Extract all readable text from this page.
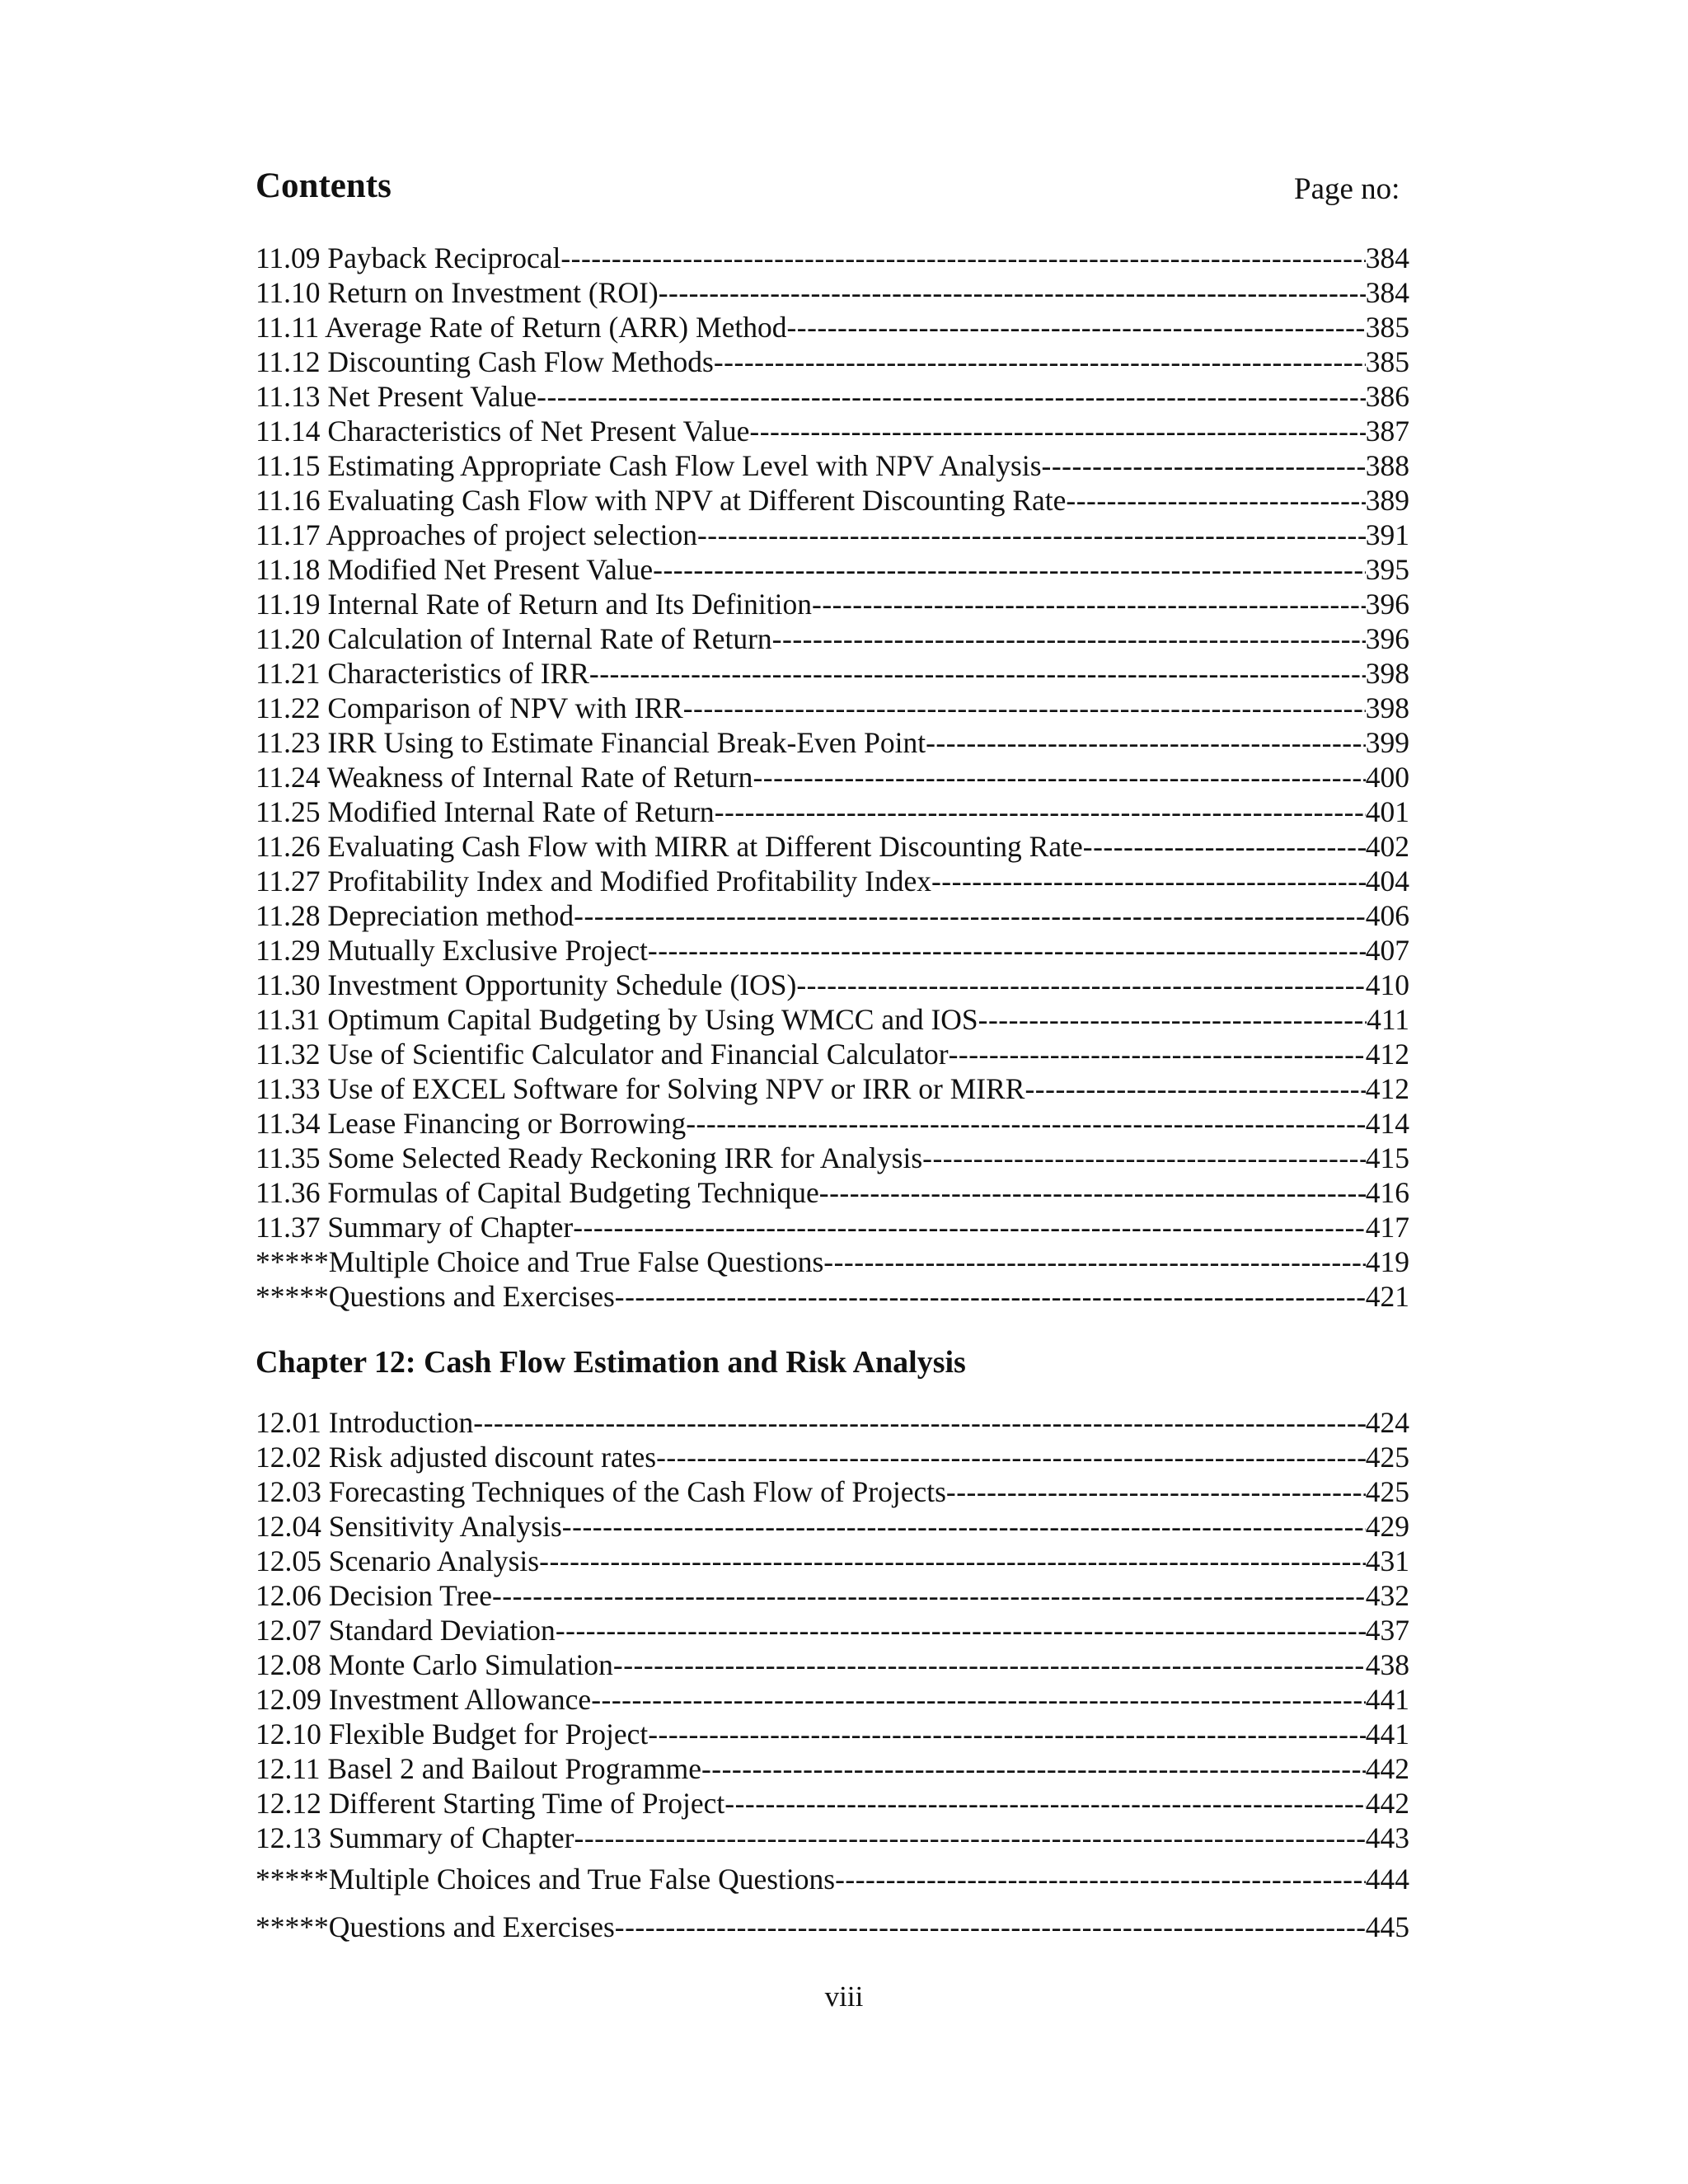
Contents	Page no:
11.09 Payback Reciprocal -----	384
11.10 Return on Investment (ROI) -----	384
11.11 Average Rate of Return (ARR) Method -----	385
11.12 Discounting Cash Flow Methods -----	385
11.13 Net Present Value -----	386
11.14 Characteristics of Net Present Value -----	387
11.15 Estimating Appropriate Cash Flow Level with NPV Analysis -----	388
11.16 Evaluating Cash Flow with NPV at Different Discounting Rate -----	389
11.17 Approaches of project selection -----	391
11.18 Modified Net Present Value -----	395
11.19 Internal Rate of Return and Its Definition -----	396
11.20 Calculation of Internal Rate of Return -----	396
11.21 Characteristics of IRR -----	398
11.22 Comparison of NPV with IRR -----	398
11.23 IRR Using to Estimate Financial Break-Even Point -----	399
11.24 Weakness of Internal Rate of Return -----	400
11.25 Modified Internal Rate of Return -----	401
11.26 Evaluating Cash Flow with MIRR at Different Discounting Rate -----	402
11.27 Profitability Index and Modified Profitability Index -----	404
11.28 Depreciation method -----	406
11.29 Mutually Exclusive Project -----	407
11.30 Investment Opportunity Schedule (IOS) -----	410
11.31 Optimum Capital Budgeting by Using WMCC and IOS -----	411
11.32 Use of Scientific Calculator and Financial Calculator -----	412
11.33 Use of EXCEL Software for Solving NPV or IRR or MIRR -----	412
11.34 Lease Financing or Borrowing -----	414
11.35 Some Selected Ready Reckoning IRR for Analysis -----	415
11.36 Formulas of Capital Budgeting Technique -----	416
11.37 Summary of Chapter -----	417
*****Multiple Choice and True False Questions -----	419
*****Questions and Exercises -----	421
Chapter 12: Cash Flow Estimation and Risk Analysis
12.01 Introduction -----	424
12.02 Risk adjusted discount rates -----	425
12.03 Forecasting Techniques of the Cash Flow of Projects -----	425
12.04 Sensitivity Analysis -----	429
12.05 Scenario Analysis -----	431
12.06 Decision Tree -----	432
12.07 Standard Deviation -----	437
12.08 Monte Carlo Simulation -----	438
12.09 Investment Allowance -----	441
12.10 Flexible Budget for Project -----	441
12.11 Basel 2 and Bailout Programme -----	442
12.12 Different Starting Time of Project -----	442
12.13 Summary of Chapter -----	443
*****Multiple Choices and True False Questions -----	444
*****Questions and Exercises -----	445
viii
